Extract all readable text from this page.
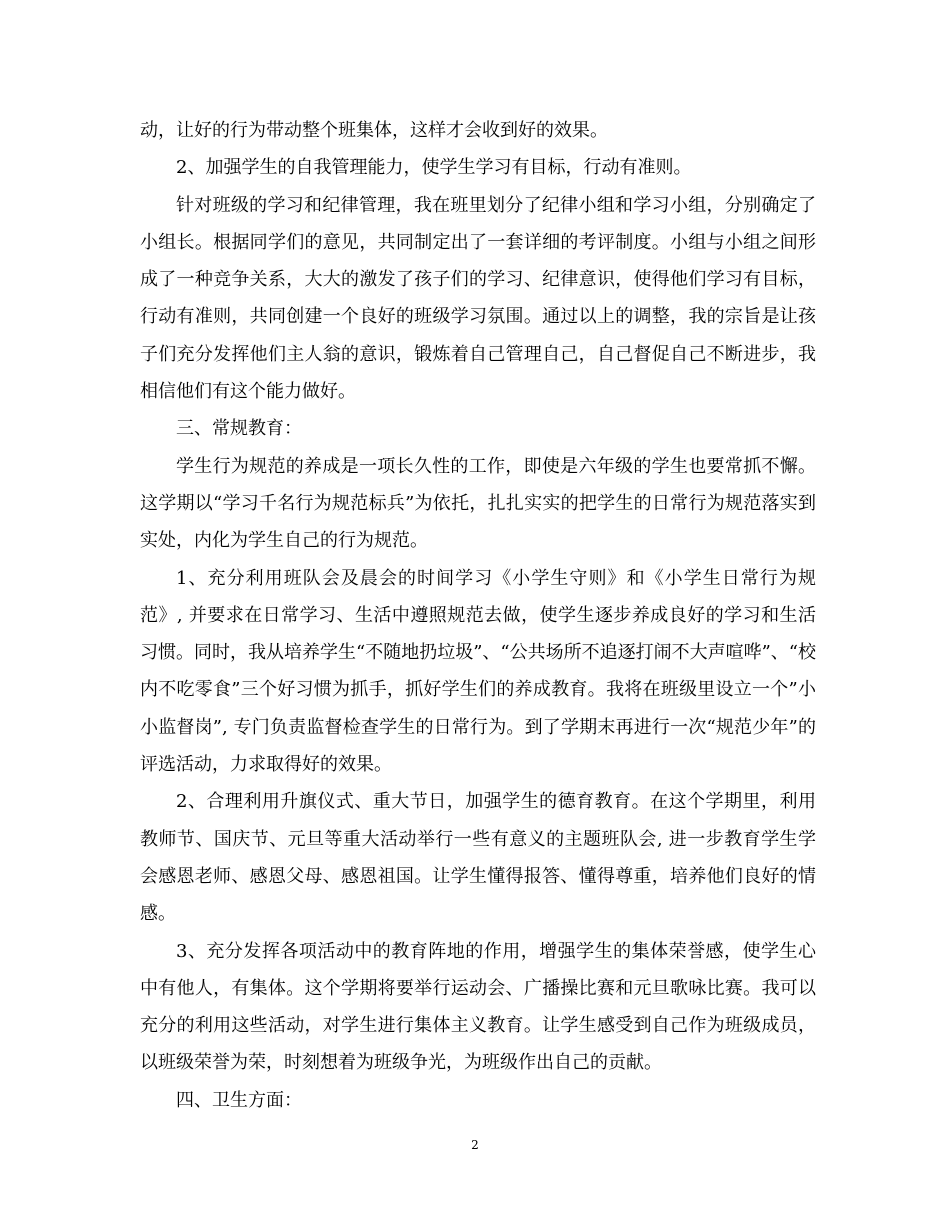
动，让好的行为带动整个班集体，这样才会收到好的效果。

2、加强学生的自我管理能力，使学生学习有目标，行动有准则。

针对班级的学习和纪律管理，我在班里划分了纪律小组和学习小组，分别确定了小组长。根据同学们的意见，共同制定出了一套详细的考评制度。小组与小组之间形成了一种竞争关系，大大的激发了孩子们的学习、纪律意识，使得他们学习有目标，行动有准则，共同创建一个良好的班级学习氛围。通过以上的调整，我的宗旨是让孩子们充分发挥他们主人翁的意识，锻炼着自己管理自己，自己督促自己不断进步，我相信他们有这个能力做好。

三、常规教育：

学生行为规范的养成是一项长久性的工作，即使是六年级的学生也要常抓不懈。这学期以“学习千名行为规范标兵”为依托，扎扎实实的把学生的日常行为规范落实到实处，内化为学生自己的行为规范。

1、充分利用班队会及晨会的时间学习《小学生守则》和《小学生日常行为规范》, 并要求在日常学习、生活中遵照规范去做，使学生逐步养成良好的学习和生活习惯。同时，我从培养学生“不随地扔垃圾”、“公共场所不追逐打闹不大声喧哗”、“校内不吃零食”三个好习惯为抓手，抓好学生们的养成教育。我将在班级里设立一个”小小监督岗”, 专门负责监督检查学生的日常行为。到了学期末再进行一次“规范少年”的评选活动，力求取得好的效果。

2、合理利用升旗仪式、重大节日，加强学生的德育教育。在这个学期里，利用教师节、国庆节、元旦等重大活动举行一些有意义的主题班队会, 进一步教育学生学会感恩老师、感恩父母、感恩祖国。让学生懂得报答、懂得尊重，培养他们良好的情感。

3、充分发挥各项活动中的教育阵地的作用，增强学生的集体荣誉感，使学生心中有他人，有集体。这个学期将要举行运动会、广播操比赛和元旦歌咏比赛。我可以充分的利用这些活动，对学生进行集体主义教育。让学生感受到自己作为班级成员，以班级荣誉为荣，时刻想着为班级争光，为班级作出自己的贡献。

四、卫生方面：

2
